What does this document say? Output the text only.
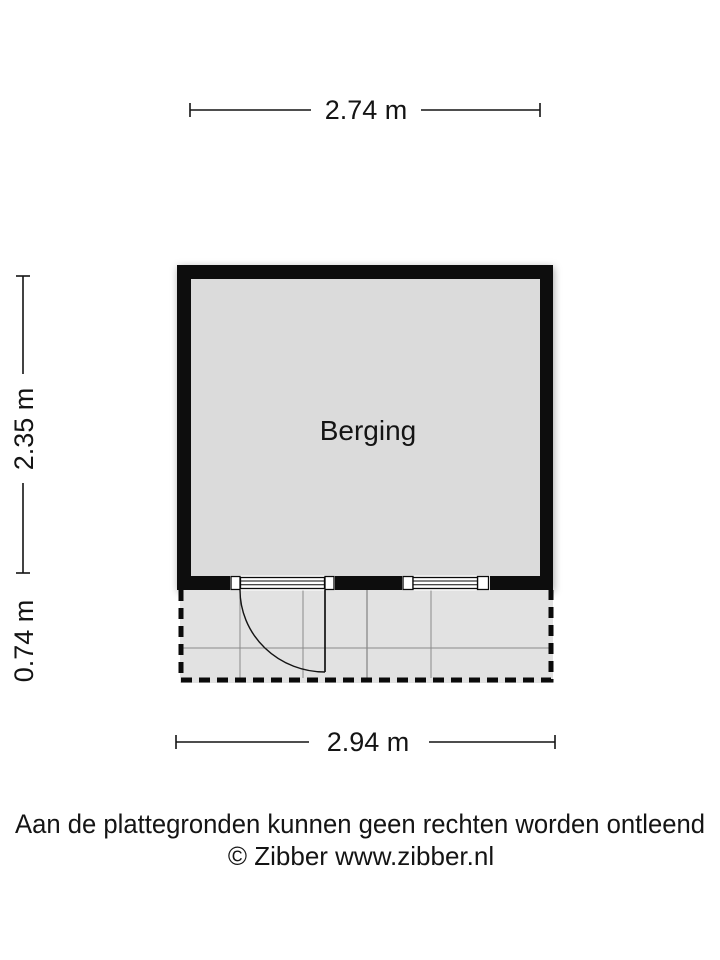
2.74 m
2.35 m
0.74 m
Berging
2.94 m
Aan de plattegronden kunnen geen rechten worden ontleend
© Zibber www.zibber.nl
